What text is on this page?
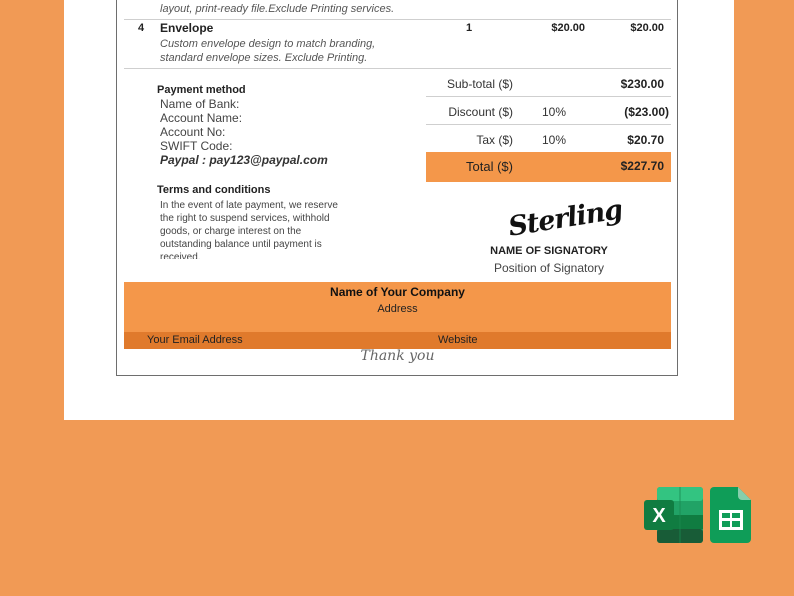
layout, print-ready file.Exclude Printing services.
4 Envelope
Custom envelope design to match branding,
standard envelope sizes. Exclude Printing.
1	$20.00	$20.00
Payment method
Name of Bank:
Account Name:
Account No:
SWIFT Code:
Paypal : pay123@paypal.com
Terms and conditions
In the event of late payment, we reserve
the right to suspend services, withhold
goods, or charge interest on the
outstanding balance until payment is
received.
Sub-total ($)	$230.00
Discount ($) 10%	($23.00)
Tax ($) 10%	$20.70
Total ($)	$227.70
Sterling
NAME OF SIGNATORY
Position of Signatory
Name of Your Company
Address
Your Email Address	Website
Thank you
X
